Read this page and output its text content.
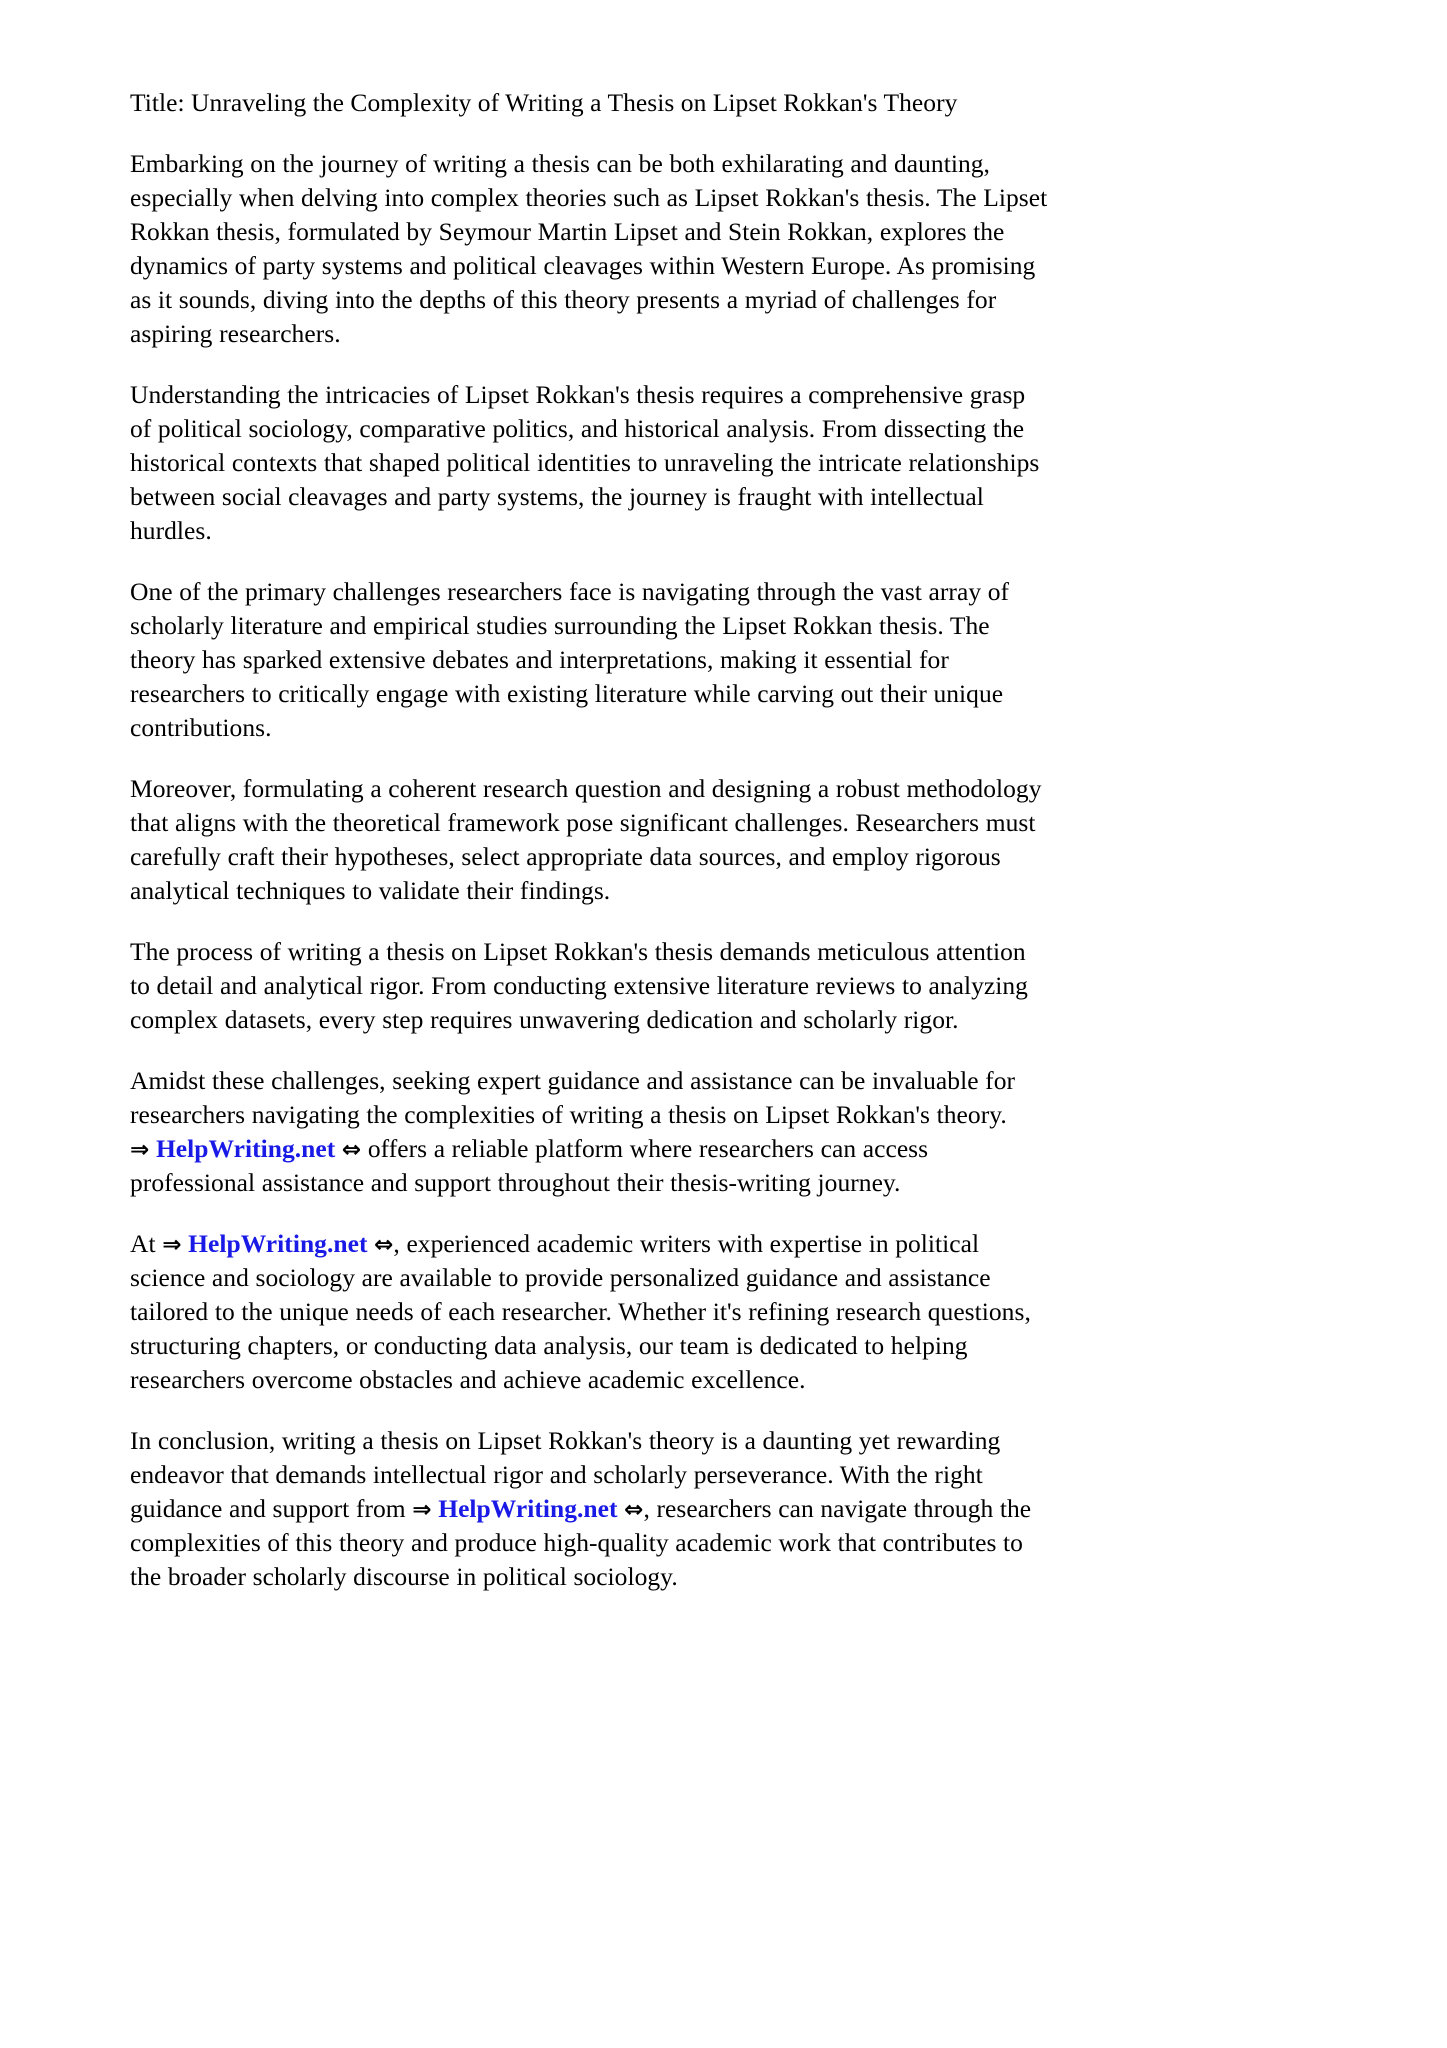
Title: Unraveling the Complexity of Writing a Thesis on Lipset Rokkan's Theory

Embarking on the journey of writing a thesis can be both exhilarating and daunting, especially when delving into complex theories such as Lipset Rokkan's thesis. The Lipset Rokkan thesis, formulated by Seymour Martin Lipset and Stein Rokkan, explores the dynamics of party systems and political cleavages within Western Europe. As promising as it sounds, diving into the depths of this theory presents a myriad of challenges for aspiring researchers.

Understanding the intricacies of Lipset Rokkan's thesis requires a comprehensive grasp of political sociology, comparative politics, and historical analysis. From dissecting the historical contexts that shaped political identities to unraveling the intricate relationships between social cleavages and party systems, the journey is fraught with intellectual hurdles.

One of the primary challenges researchers face is navigating through the vast array of scholarly literature and empirical studies surrounding the Lipset Rokkan thesis. The theory has sparked extensive debates and interpretations, making it essential for researchers to critically engage with existing literature while carving out their unique contributions.

Moreover, formulating a coherent research question and designing a robust methodology that aligns with the theoretical framework pose significant challenges. Researchers must carefully craft their hypotheses, select appropriate data sources, and employ rigorous analytical techniques to validate their findings.

The process of writing a thesis on Lipset Rokkan's thesis demands meticulous attention to detail and analytical rigor. From conducting extensive literature reviews to analyzing complex datasets, every step requires unwavering dedication and scholarly rigor.

Amidst these challenges, seeking expert guidance and assistance can be invaluable for researchers navigating the complexities of writing a thesis on Lipset Rokkan's theory. ⇒ HelpWriting.net ⇔ offers a reliable platform where researchers can access professional assistance and support throughout their thesis-writing journey.

At ⇒ HelpWriting.net ⇔, experienced academic writers with expertise in political science and sociology are available to provide personalized guidance and assistance tailored to the unique needs of each researcher. Whether it's refining research questions, structuring chapters, or conducting data analysis, our team is dedicated to helping researchers overcome obstacles and achieve academic excellence.

In conclusion, writing a thesis on Lipset Rokkan's theory is a daunting yet rewarding endeavor that demands intellectual rigor and scholarly perseverance. With the right guidance and support from ⇒ HelpWriting.net ⇔, researchers can navigate through the complexities of this theory and produce high-quality academic work that contributes to the broader scholarly discourse in political sociology.
